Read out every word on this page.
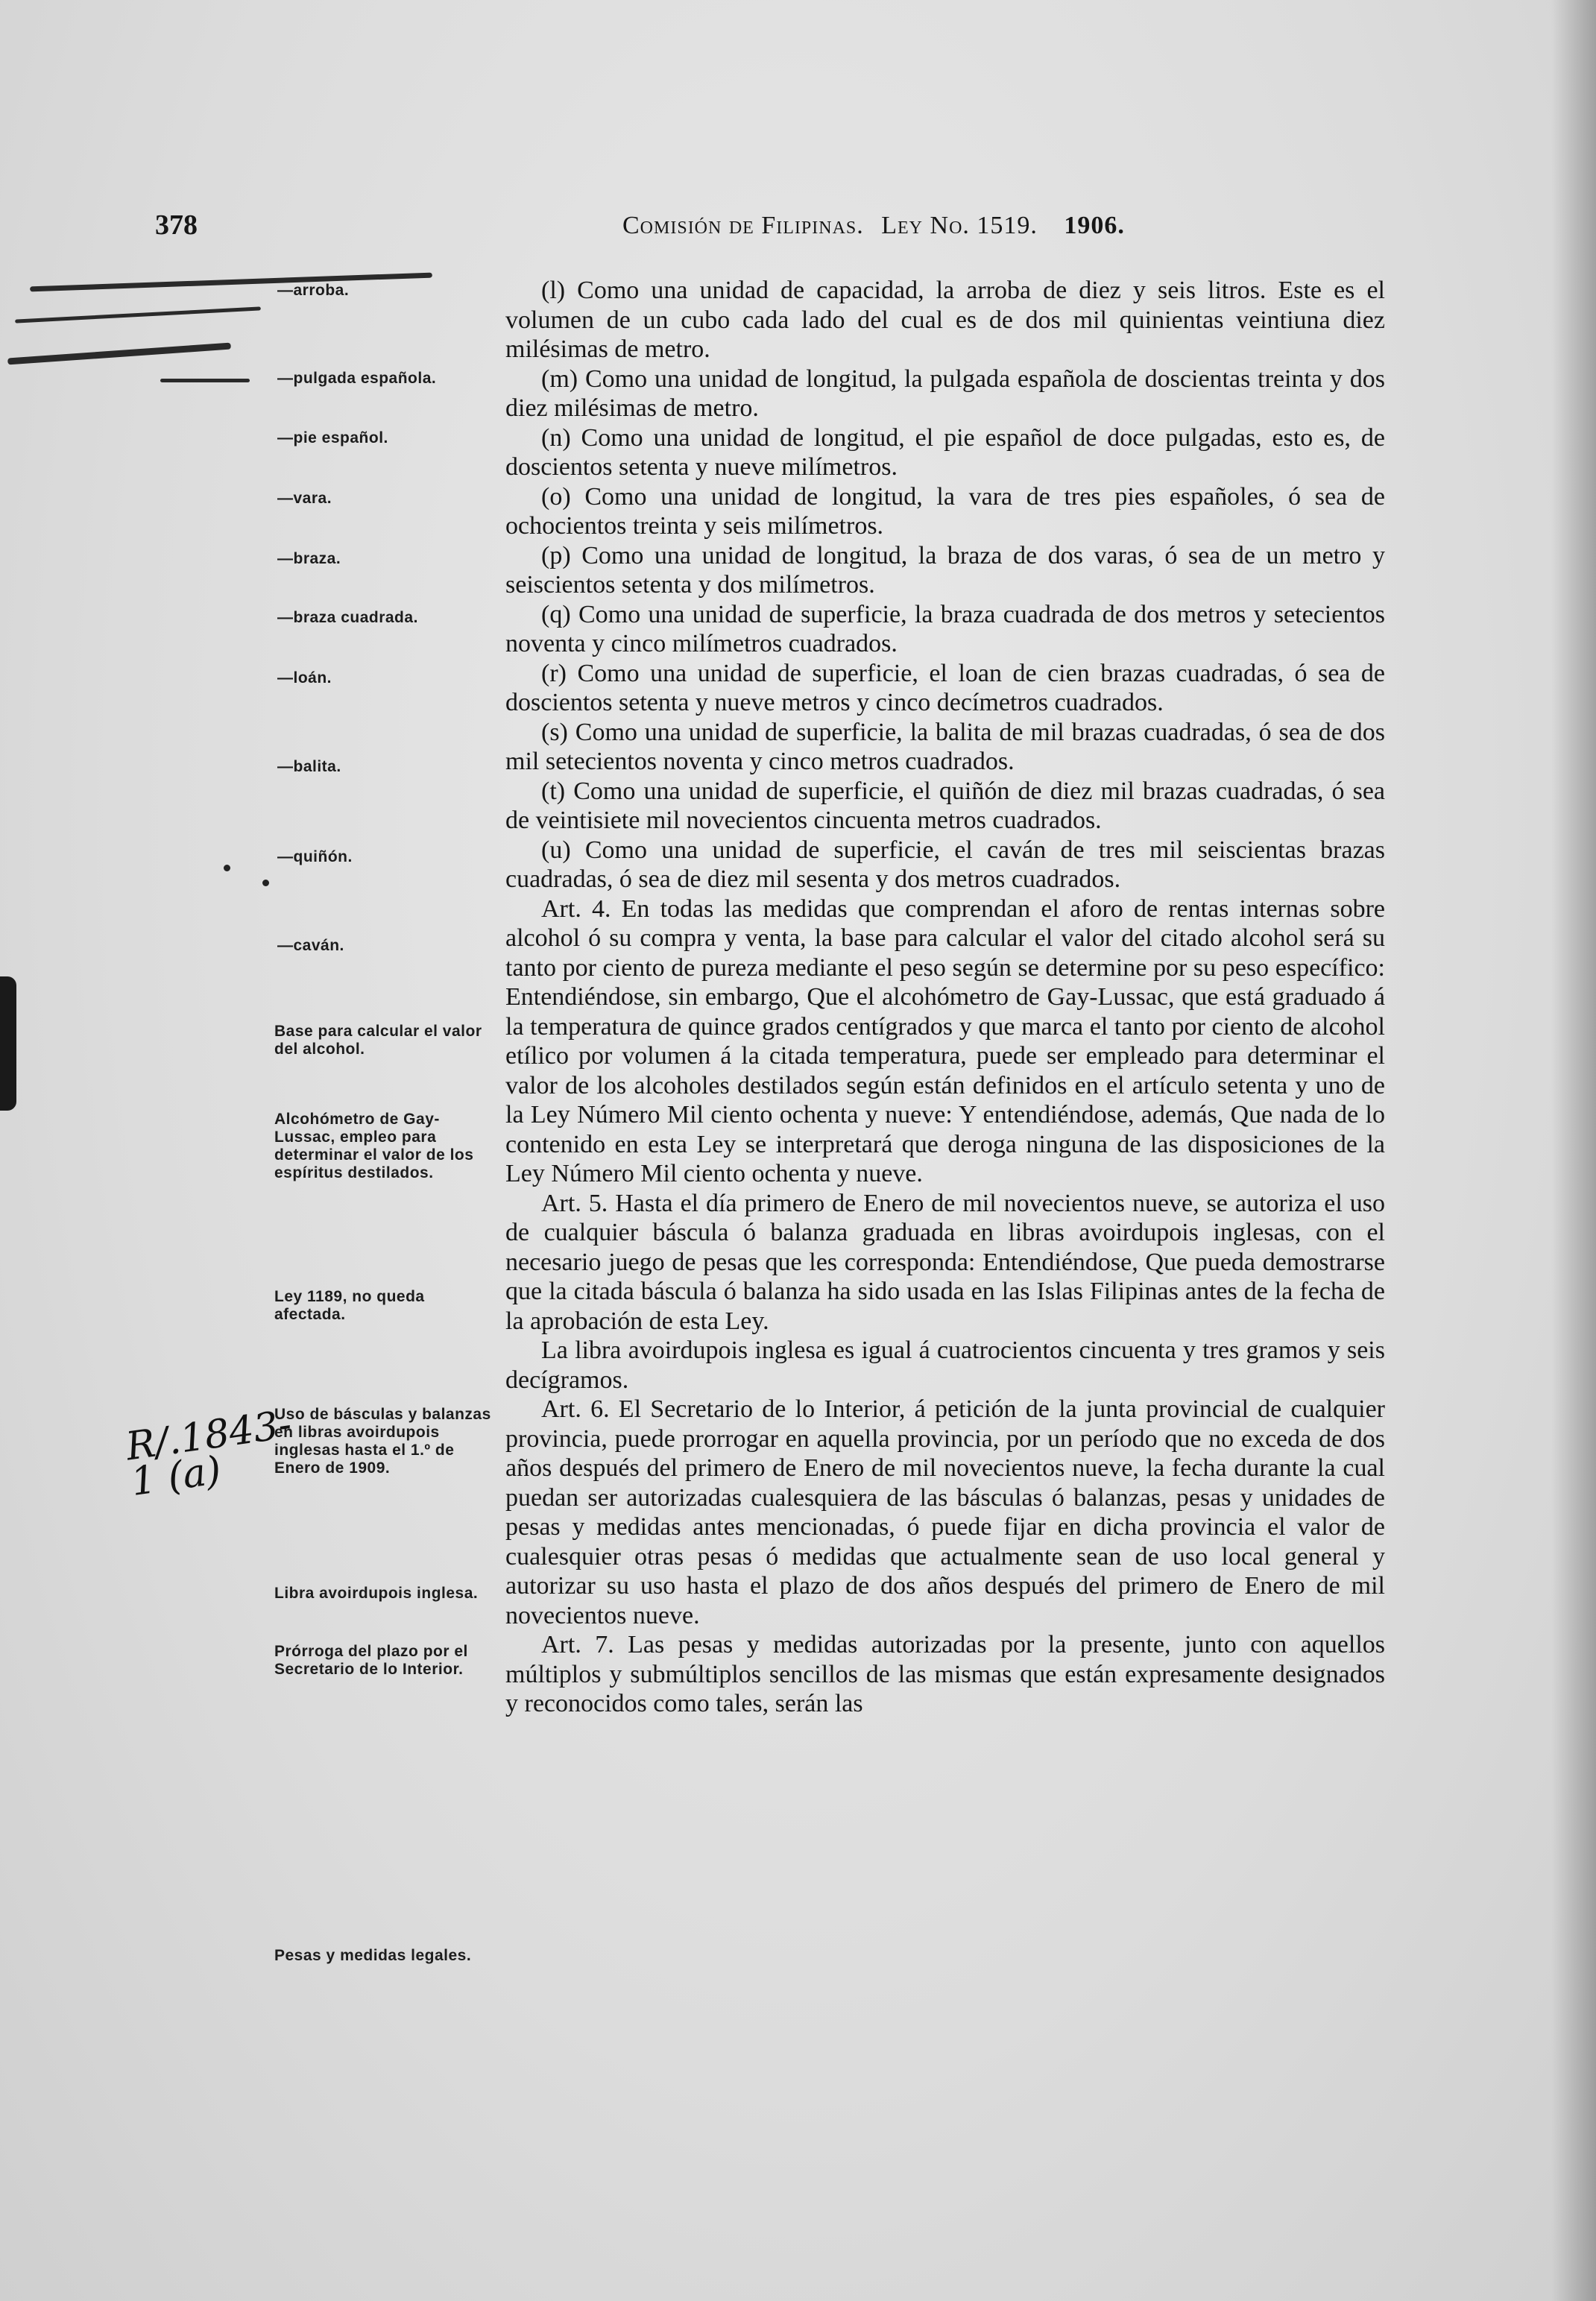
378	Comisión de Filipinas. Ley No. 1519. 1906.
—arroba.
—pulgada española.
—pie español.
—vara.
—braza.
—braza cuadrada.
—loán.
—balita.
—quiñón.
—caván.
Base para calcular el valor del alcohol.
Alcohómetro de Gay-Lussac, empleo para determinar el valor de los espíritus destilados.
Ley 1189, no queda afectada.
Uso de básculas y balanzas en libras avoirdupois inglesas hasta el 1.º de Enero de 1909.
Libra avoirdupois inglesa.
Prórroga del plazo por el Secretario de lo Interior.
Pesas y medidas legales.
R/.1843-1 (a)

(l) Como una unidad de capacidad, la arroba de diez y seis litros. Este es el volumen de un cubo cada lado del cual es de dos mil quinientas veintiuna diez milésimas de metro.

(m) Como una unidad de longitud, la pulgada española de doscientas treinta y dos diez milésimas de metro.

(n) Como una unidad de longitud, el pie español de doce pulgadas, esto es, de doscientos setenta y nueve milímetros.

(o) Como una unidad de longitud, la vara de tres pies españoles, ó sea de ochocientos treinta y seis milímetros.

(p) Como una unidad de longitud, la braza de dos varas, ó sea de un metro y seiscientos setenta y dos milímetros.

(q) Como una unidad de superficie, la braza cuadrada de dos metros y setecientos noventa y cinco milímetros cuadrados.

(r) Como una unidad de superficie, el loan de cien brazas cuadradas, ó sea de doscientos setenta y nueve metros y cinco decímetros cuadrados.

(s) Como una unidad de superficie, la balita de mil brazas cuadradas, ó sea de dos mil setecientos noventa y cinco metros cuadrados.

(t) Como una unidad de superficie, el quiñón de diez mil brazas cuadradas, ó sea de veintisiete mil novecientos cincuenta metros cuadrados.

(u) Como una unidad de superficie, el caván de tres mil seiscientas brazas cuadradas, ó sea de diez mil sesenta y dos metros cuadrados.

Art. 4. En todas las medidas que comprendan el aforo de rentas internas sobre alcohol ó su compra y venta, la base para calcular el valor del citado alcohol será su tanto por ciento de pureza mediante el peso según se determine por su peso específico: Entendiéndose, sin embargo, Que el alcohómetro de Gay-Lussac, que está graduado á la temperatura de quince grados centígrados y que marca el tanto por ciento de alcohol etílico por volumen á la citada temperatura, puede ser empleado para determinar el valor de los alcoholes destilados según están definidos en el artículo setenta y uno de la Ley Número Mil ciento ochenta y nueve: Y entendiéndose, además, Que nada de lo contenido en esta Ley se interpretará que deroga ninguna de las disposiciones de la Ley Número Mil ciento ochenta y nueve.

Art. 5. Hasta el día primero de Enero de mil novecientos nueve, se autoriza el uso de cualquier báscula ó balanza graduada en libras avoirdupois inglesas, con el necesario juego de pesas que les corresponda: Entendiéndose, Que pueda demostrarse que la citada báscula ó balanza ha sido usada en las Islas Filipinas antes de la fecha de la aprobación de esta Ley.

La libra avoirdupois inglesa es igual á cuatrocientos cincuenta y tres gramos y seis decígramos.

Art. 6. El Secretario de lo Interior, á petición de la junta provincial de cualquier provincia, puede prorrogar en aquella provincia, por un período que no exceda de dos años después del primero de Enero de mil novecientos nueve, la fecha durante la cual puedan ser autorizadas cualesquiera de las básculas ó balanzas, pesas y unidades de pesas y medidas antes mencionadas, ó puede fijar en dicha provincia el valor de cualesquier otras pesas ó medidas que actualmente sean de uso local general y autorizar su uso hasta el plazo de dos años después del primero de Enero de mil novecientos nueve.

Art. 7. Las pesas y medidas autorizadas por la presente, junto con aquellos múltiplos y submúltiplos sencillos de las mismas que están expresamente designados y reconocidos como tales, serán las
